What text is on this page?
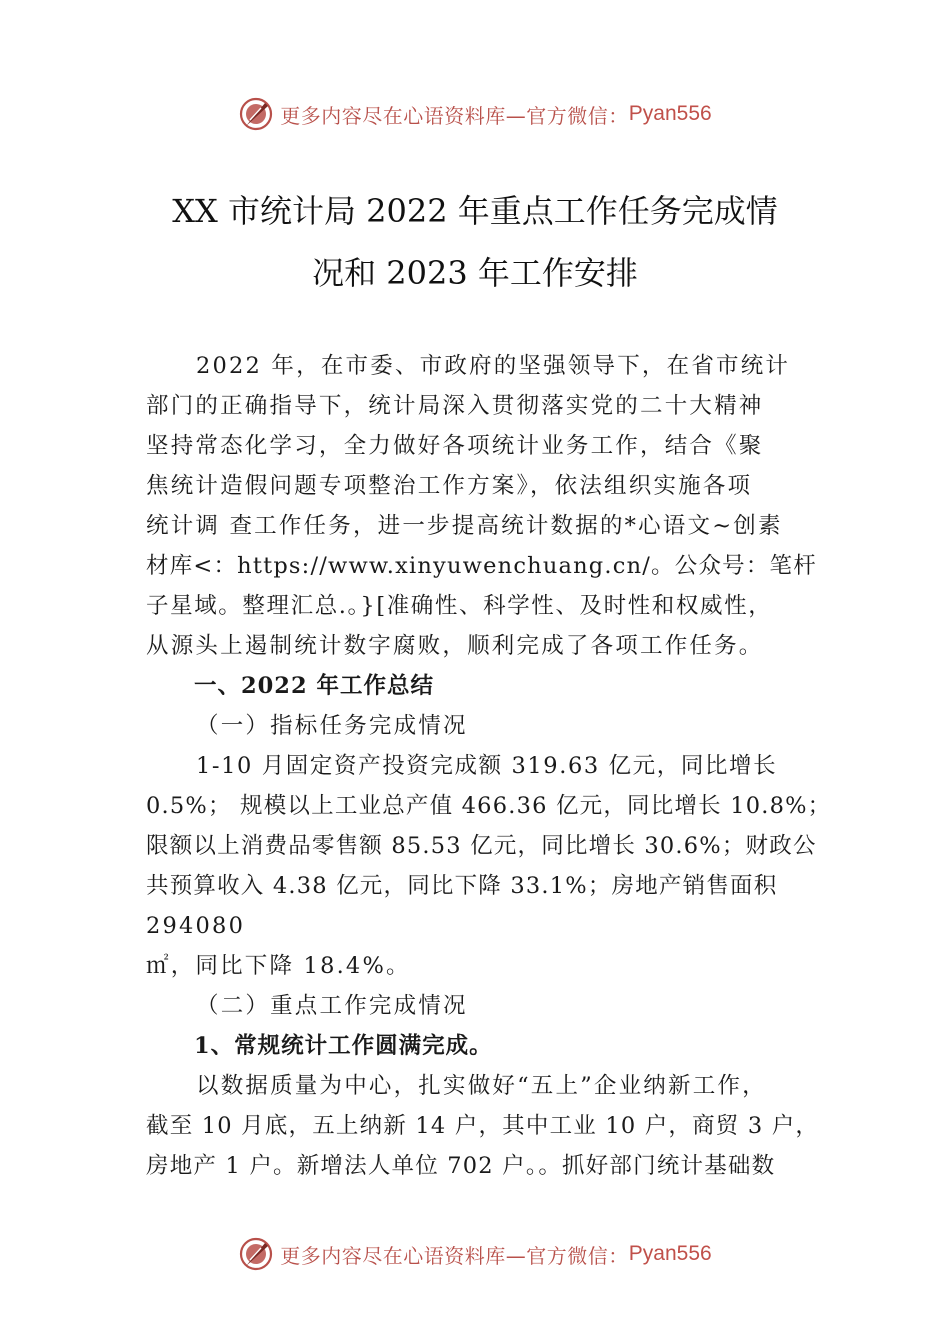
更多内容尽在心语资料库—官方微信： Pyan556
XX 市统计局 2022 年重点工作任务完成情
况和 2023 年工作安排
2022 年，在市委、市政府的坚强领导下，在省市统计
部门的正确指导下，统计局深入贯彻落实党的二十大精神
坚持常态化学习，全力做好各项统计业务工作，结合《聚
焦统计造假问题专项整治工作方案》，依法组织实施各项
统计调 查工作任务，进一步提高统计数据的*心语文~创素
材库<：https://www.xinyuwenchuang.cn/。公众号：笔杆
子星域。整理汇总.。}[准确性、科学性、及时性和权威性，
从源头上遏制统计数字腐败，顺利完成了各项工作任务。
一、2022 年工作总结
（一）指标任务完成情况
1-10 月固定资产投资完成额 319.63 亿元，同比增长
0.5%； 规模以上工业总产值 466.36 亿元，同比增长 10.8%；
限额以上消费品零售额 85.53 亿元，同比增长 30.6%；财政公
共预算收入 4.38 亿元，同比下降 33.1%；房地产销售面积
294080
㎡，同比下降 18.4%。
（二）重点工作完成情况
1、常规统计工作圆满完成。
以数据质量为中心，扎实做好“五上”企业纳新工作，
截至 10 月底，五上纳新 14 户，其中工业 10 户，商贸 3 户，
房地产 1 户。新增法人单位 702 户。。抓好部门统计基础数
更多内容尽在心语资料库—官方微信： Pyan556
